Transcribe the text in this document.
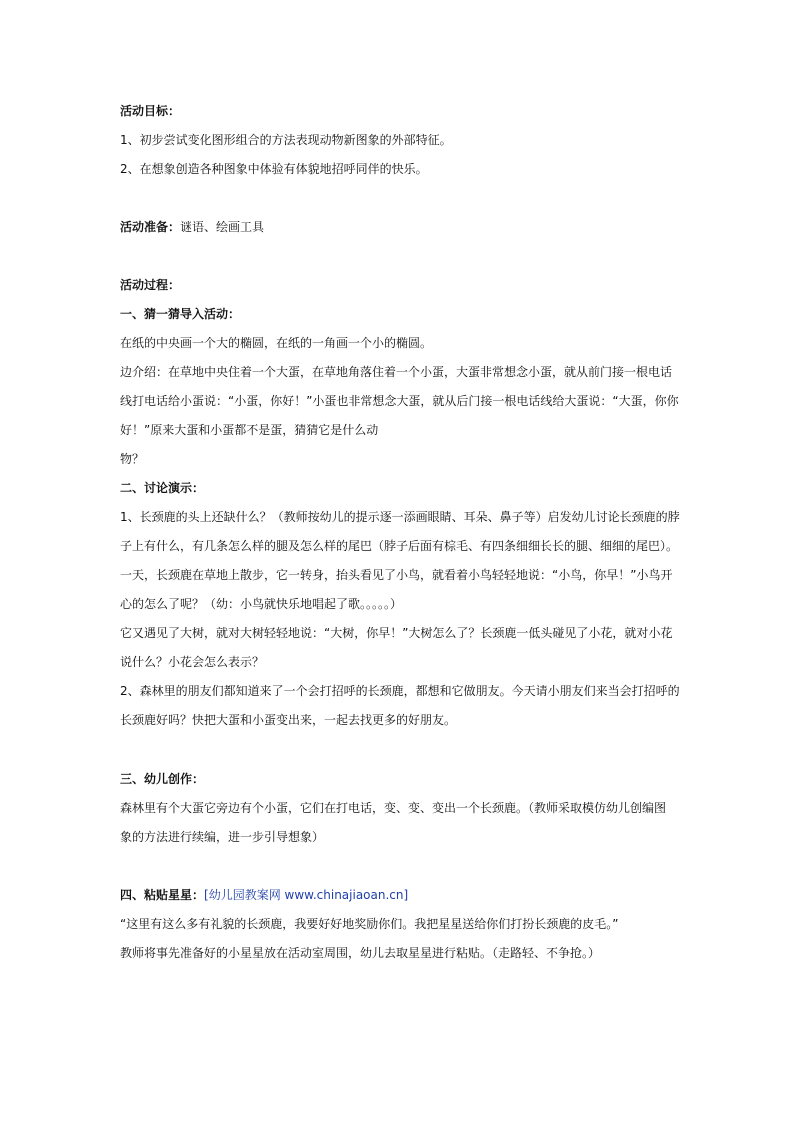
活动目标：
1、初步尝试变化图形组合的方法表现动物新图象的外部特征。
2、在想象创造各种图象中体验有体貌地招呼同伴的快乐。
活动准备：谜语、绘画工具
活动过程：
一、猜一猜导入活动：
在纸的中央画一个大的椭圆，在纸的一角画一个小的椭圆。
边介绍：在草地中央住着一个大蛋，在草地角落住着一个小蛋，大蛋非常想念小蛋，就从前门接一根电话
线打电话给小蛋说：“小蛋，你好！”小蛋也非常想念大蛋，就从后门接一根电话线给大蛋说：“大蛋，你你
好！”原来大蛋和小蛋都不是蛋，猜猜它是什么动
物？
二、讨论演示：
1、长颈鹿的头上还缺什么？（教师按幼儿的提示逐一添画眼睛、耳朵、鼻子等）启发幼儿讨论长颈鹿的脖
子上有什么，有几条怎么样的腿及怎么样的尾巴（脖子后面有棕毛、有四条细细长长的腿、细细的尾巴）。
一天，长颈鹿在草地上散步，它一转身，抬头看见了小鸟，就看着小鸟轻轻地说：“小鸟，你早！”小鸟开
心的怎么了呢？（幼：小鸟就快乐地唱起了歌。。。。。）
它又遇见了大树，就对大树轻轻地说：“大树，你早！”大树怎么了？长颈鹿一低头碰见了小花，就对小花
说什么？小花会怎么表示？
2、森林里的朋友们都知道来了一个会打招呼的长颈鹿，都想和它做朋友。今天请小朋友们来当会打招呼的
长颈鹿好吗？快把大蛋和小蛋变出来，一起去找更多的好朋友。
三、幼儿创作：
森林里有个大蛋它旁边有个小蛋，它们在打电话，变、变、变出一个长颈鹿。（教师采取模仿幼儿创编图
象的方法进行续编，进一步引导想象）
四、粘贴星星：[幼儿园教案网 www.chinajiaoan.cn]
“这里有这么多有礼貌的长颈鹿，我要好好地奖励你们。我把星星送给你们打扮长颈鹿的皮毛。”
教师将事先准备好的小星星放在活动室周围，幼儿去取星星进行粘贴。（走路轻、不争抢。）
